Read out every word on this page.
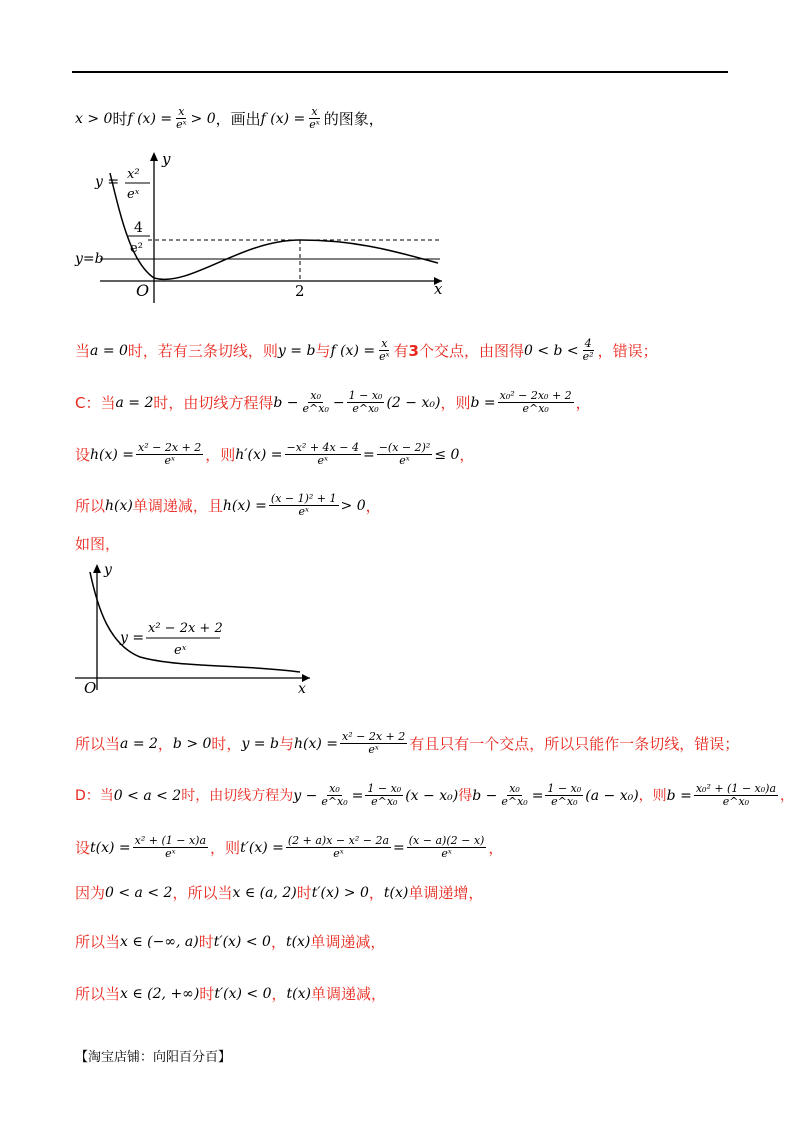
x > 0 时 f $(x) = \frac{x}{\text{eˣ}} > 0$ ，画出 f $(x) = \frac{x}{\text{eˣ}}$ 的图象，
y
x
O
y = x²
eˣ
4
e²
y=b
2
当 a = 0 时，若有三条切线，则 y = b 与 f $(x) = \frac{x}{\text{eˣ}}$ 有 3 个交点，由图得 0 < b < 4
e² ，错误；
C：当 a = 2 时，由切线方程得 $b - \frac{\text{x₀}}{\text{e\textasciicircum{}x₀}} - \frac{\text{1 − x₀}}{\text{e\textasciicircum{}x₀}} (2 - x_0)$ ，则 $b = \frac{\text{x₀² − 2x₀ + 2}}{\text{e\textasciicircum{}x₀}}$ ，
设 $h(x) = \frac{\text{x² − 2x + 2}}{\text{eˣ}}$ ，则 $h'(x) = \frac{\text{−x² + 4x − 4}}{\text{eˣ}} = \frac{\text{−(x − 2)²}}{\text{eˣ}} \le 0$ ，
所以 h(x) 单调递减，且 $h(x) = \frac{\text{(x − 1)² + 1}}{\text{eˣ}} > 0$ ，
如图，
y
x
O
y =
x² − 2x + 2
eˣ
所以当 a = 2 ， b > 0 时， y = b 与 $h(x) = \frac{\text{x² − 2x + 2}}{\text{eˣ}}$ 有且只有一个交点，所以只能作一条切线，错误；
D：当 0 < a < 2 时，由切线方程为 $y - \frac{\text{x₀}}{\text{e\textasciicircum{}x₀}} = \frac{\text{1 − x₀}}{\text{e\textasciicircum{}x₀}} (x - x_0)$ 得 $b - \frac{\text{x₀}}{\text{e\textasciicircum{}x₀}} = \frac{\text{1 − x₀}}{\text{e\textasciicircum{}x₀}} (a - x_0)$ ，则 $b = \frac{\text{x₀² + (1 − x₀)a}}{\text{e\textasciicircum{}x₀}}$ ，
设 $t(x) = \frac{\text{x² + (1 − x)a}}{\text{eˣ}}$ ，则 $t'(x) = \frac{\text{(2 + a)x − x² − 2a}}{\text{eˣ}} = \frac{(x - a)(2 - x)}{\text{eˣ}}$ ，
因为 0 < a < 2 ，所以当 x ∈ (a, 2) 时 t′(x) > 0 ， t(x) 单调递增，
所以当 x ∈ (−∞, a) 时 t′(x) < 0 ， t(x) 单调递减，
所以当 x ∈ (2, +∞) 时 t′(x) < 0 ， t(x) 单调递减，
【淘宝店铺：向阳百分百】
